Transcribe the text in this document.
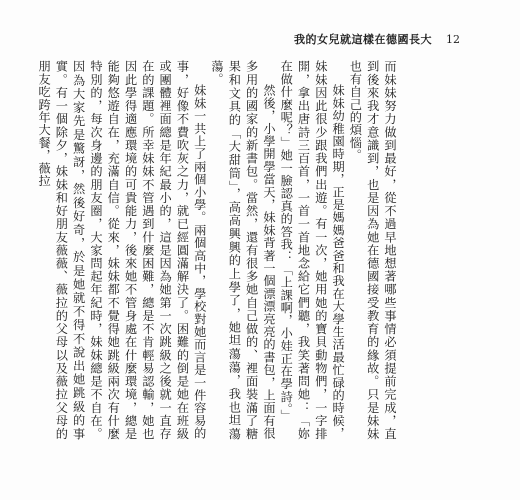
我的女兒就這樣在德國長大 12

而妹妹努力做到最好，從不過早地想著哪些事情必須提前完成，直到後來我才意識到，也是因為她在德國接受教育的緣故。只是妹妹也有自己的煩惱。

妹妹幼稚園時期，正是媽媽爸爸和我在大學生活最忙碌的時候，妹妹因此很少跟我們出遊。有一次，她用她的寶貝動物們，一字排開，拿出唐詩三百首，一首一首地念給它們聽，我笑著問她：「妳在做什麼呢？」她一臉認真的答我：「上課啊，小娃正在學詩。」

然後，小學開學當天，妹妹背著一個漂漂亮亮的書包，上面有很多用的國家的新書包。當然，還有很多她自己做的、裡面裝滿了糖果和文具的「大甜筒」，高高興興的上學了，她坦蕩蕩，我也坦蕩蕩。

妹妹一共上了兩個小學。兩個高中，學校對她而言是一件容易的事，好像不費吹灰之力，就已經圓滿解決了。困難的倒是她在班級或團體裡面總是年紀最小的，這是因為她第一次跳級之後就一直存在的課題。所幸妹妹不管遇到什麼困難，總是不肯輕易認輸，她也因此學得適應環境的可貴能力，後來她不管身處在什麼環境，總是能夠悠遊自在，充滿自信。從來，妹妹都不覺得她跳級兩次有什麼特別的，每次身邊的朋友圈，大家問起年紀時，妹妹總是不自在。因為大家先是驚訝，然後好奇，於是她就不得不說出她跳級的事實。有一個除夕，妹妹和好朋友薇薇、薇拉的父母以及薇拉父母的朋友吃跨年大餐，薇拉
